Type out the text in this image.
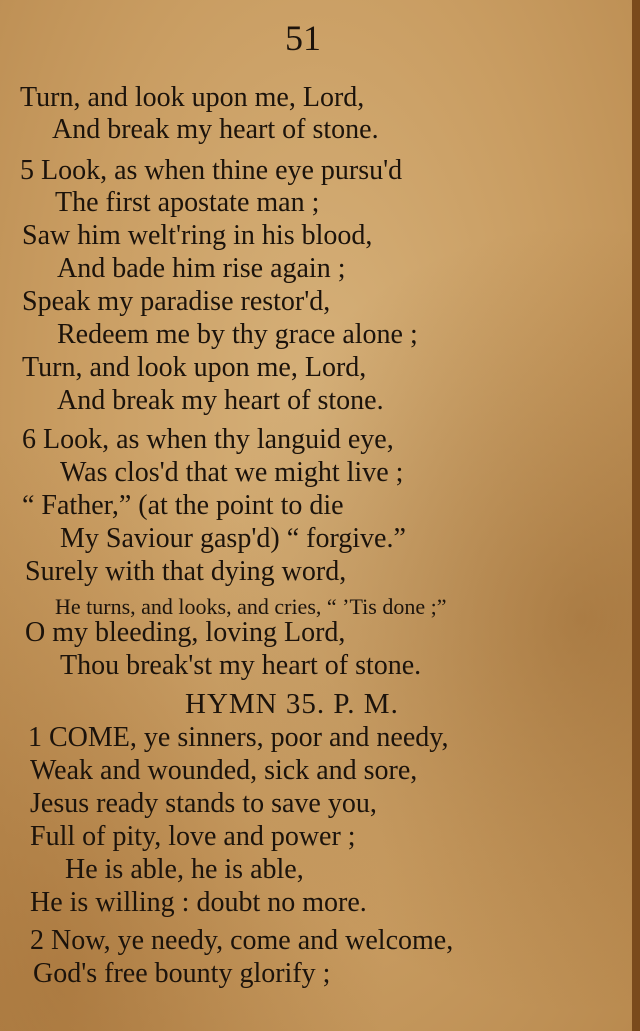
51
Turn, and look upon me, Lord,
And break my heart of stone.
5 Look, as when thine eye pursu'd
The first apostate man ;
Saw him welt'ring in his blood,
And bade him rise again ;
Speak my paradise restor'd,
Redeem me by thy grace alone ;
Turn, and look upon me, Lord,
And break my heart of stone.
6 Look, as when thy languid eye,
Was clos'd that we might live ;
“ Father,” (at the point to die
My Saviour gasp'd) “ forgive.”
Surely with that dying word,
He turns, and looks, and cries, “ ’Tis done ;”
O my bleeding, loving Lord,
Thou break'st my heart of stone.
HYMN 35. P. M.
1 COME, ye sinners, poor and needy,
Weak and wounded, sick and sore,
Jesus ready stands to save you,
Full of pity, love and power ;
He is able, he is able,
He is willing : doubt no more.
2 Now, ye needy, come and welcome,
God's free bounty glorify ;
